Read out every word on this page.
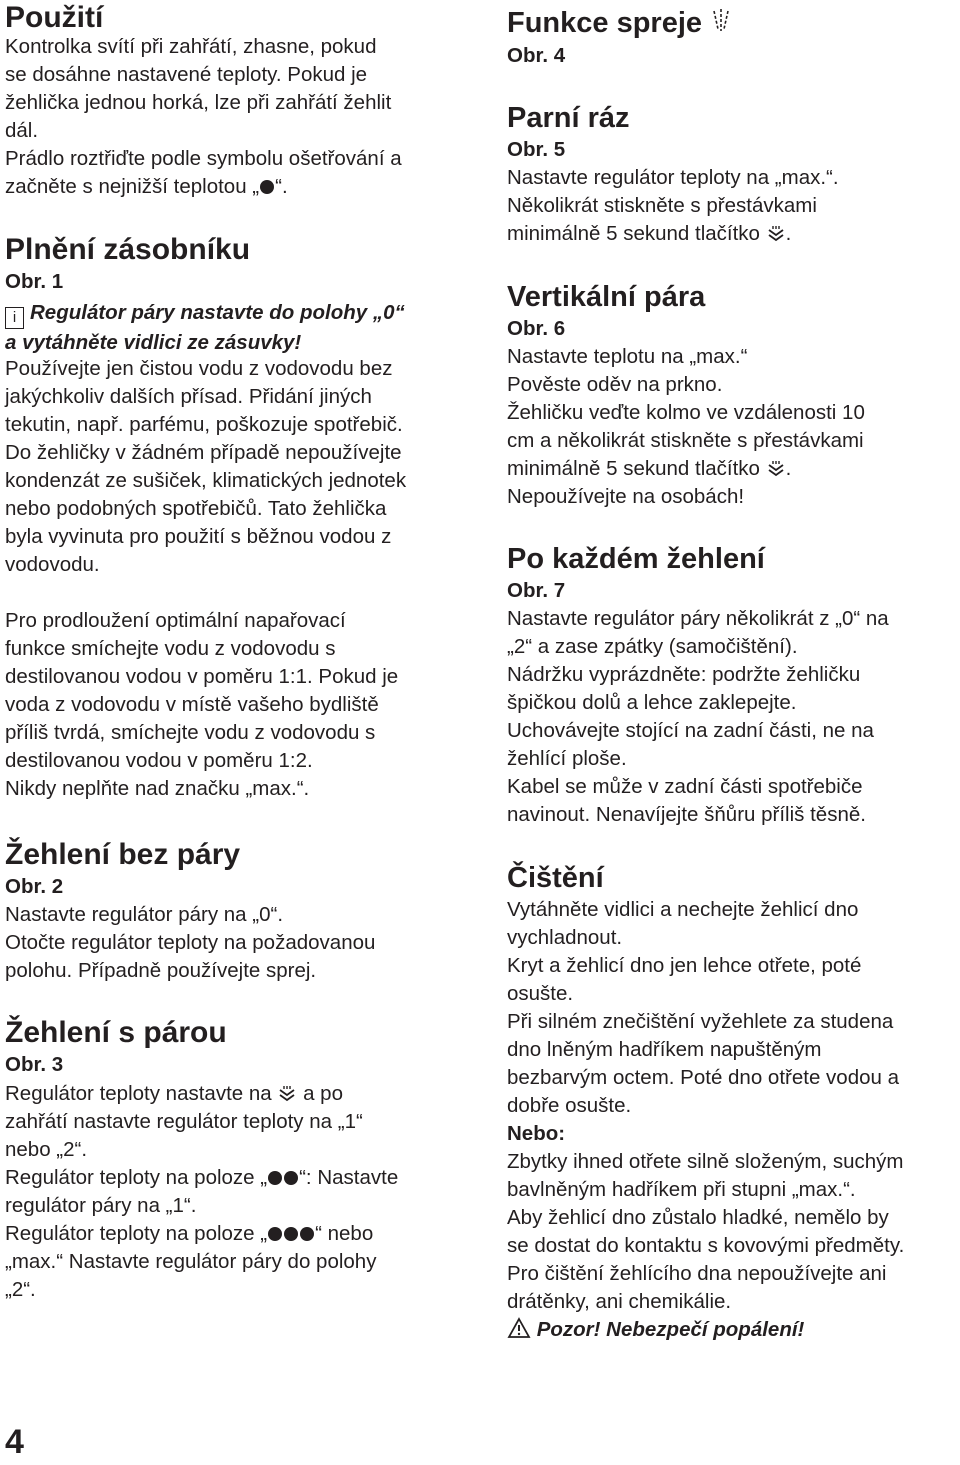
Použití
Kontrolka svítí při zahřátí, zhasne, pokud
se dosáhne nastavené teploty. Pokud je
žehlička jednou horká, lze při zahřátí žehlit
dál.
Prádlo roztřiďte podle symbolu ošetřování a
začněte s nejnižší teplotou „ “.
Plnění zásobníku
Obr. 1
i Regulátor páry nastavte do polohy „0“
a vytáhněte vidlici ze zásuvky!
Používejte jen čistou vodu z vodovodu bez
jakýchkoliv dalších přísad. Přidání jiných
tekutin, např. parfému, poškozuje spotřebič.
Do žehličky v žádném případě nepoužívejte
kondenzát ze sušiček, klimatických jednotek
nebo podobných spotřebičů. Tato žehlička
byla vyvinuta pro použití s běžnou vodou z
vodovodu.
Pro prodloužení optimální napařovací
funkce smíchejte vodu z vodovodu s
destilovanou vodou v poměru 1:1. Pokud je
voda z vodovodu v místě vašeho bydliště
příliš tvrdá, smíchejte vodu z vodovodu s
destilovanou vodou v poměru 1:2.
Nikdy neplňte nad značku „max.“.
Žehlení bez páry
Obr. 2
Nastavte regulátor páry na „0“.
Otočte regulátor teploty na požadovanou
polohu. Případně používejte sprej.
Žehlení s párou
Obr. 3
Regulátor teploty nastavte na  a po
zahřátí nastavte regulátor teploty na „1“
nebo „2“.
Regulátor teploty na poloze „ “: Nastavte
regulátor páry na „1“.
Regulátor teploty na poloze „ “ nebo
„max.“ Nastavte regulátor páry do polohy
„2“.
Funkce spreje
Obr. 4
Parní ráz
Obr. 5
Nastavte regulátor teploty na „max.“.
Několikrát stiskněte s přestávkami
minimálně 5 sekund tlačítko .
Vertikální pára
Obr. 6
Nastavte teplotu na „max.“
Pověste oděv na prkno.
Žehličku veďte kolmo ve vzdálenosti 10
cm a několikrát stiskněte s přestávkami
minimálně 5 sekund tlačítko .
Nepoužívejte na osobách!
Po každém žehlení
Obr. 7
Nastavte regulátor páry několikrát z „0“ na
„2“ a zase zpátky (samočištění).
Nádržku vyprázdněte: podržte žehličku
špičkou dolů a lehce zaklepejte.
Uchovávejte stojící na zadní části, ne na
žehlící ploše.
Kabel se může v zadní části spotřebiče
navinout. Nenavíjejte šňůru příliš těsně.
Čištění
Vytáhněte vidlici a nechejte žehlicí dno
vychladnout.
Kryt a žehlicí dno jen lehce otřete, poté
osušte.
Při silném znečištění vyžehlete za studena
dno lněným hadříkem napuštěným
bezbarvým octem. Poté dno otřete vodou a
dobře osušte.
Nebo:
Zbytky ihned otřete silně složeným, suchým
bavlněným hadříkem při stupni „max.“.
Aby žehlicí dno zůstalo hladké, nemělo by
se dostat do kontaktu s kovovými předměty.
Pro čištění žehlícího dna nepoužívejte ani
drátěnky, ani chemikálie.
Pozor! Nebezpečí popálení!
4
